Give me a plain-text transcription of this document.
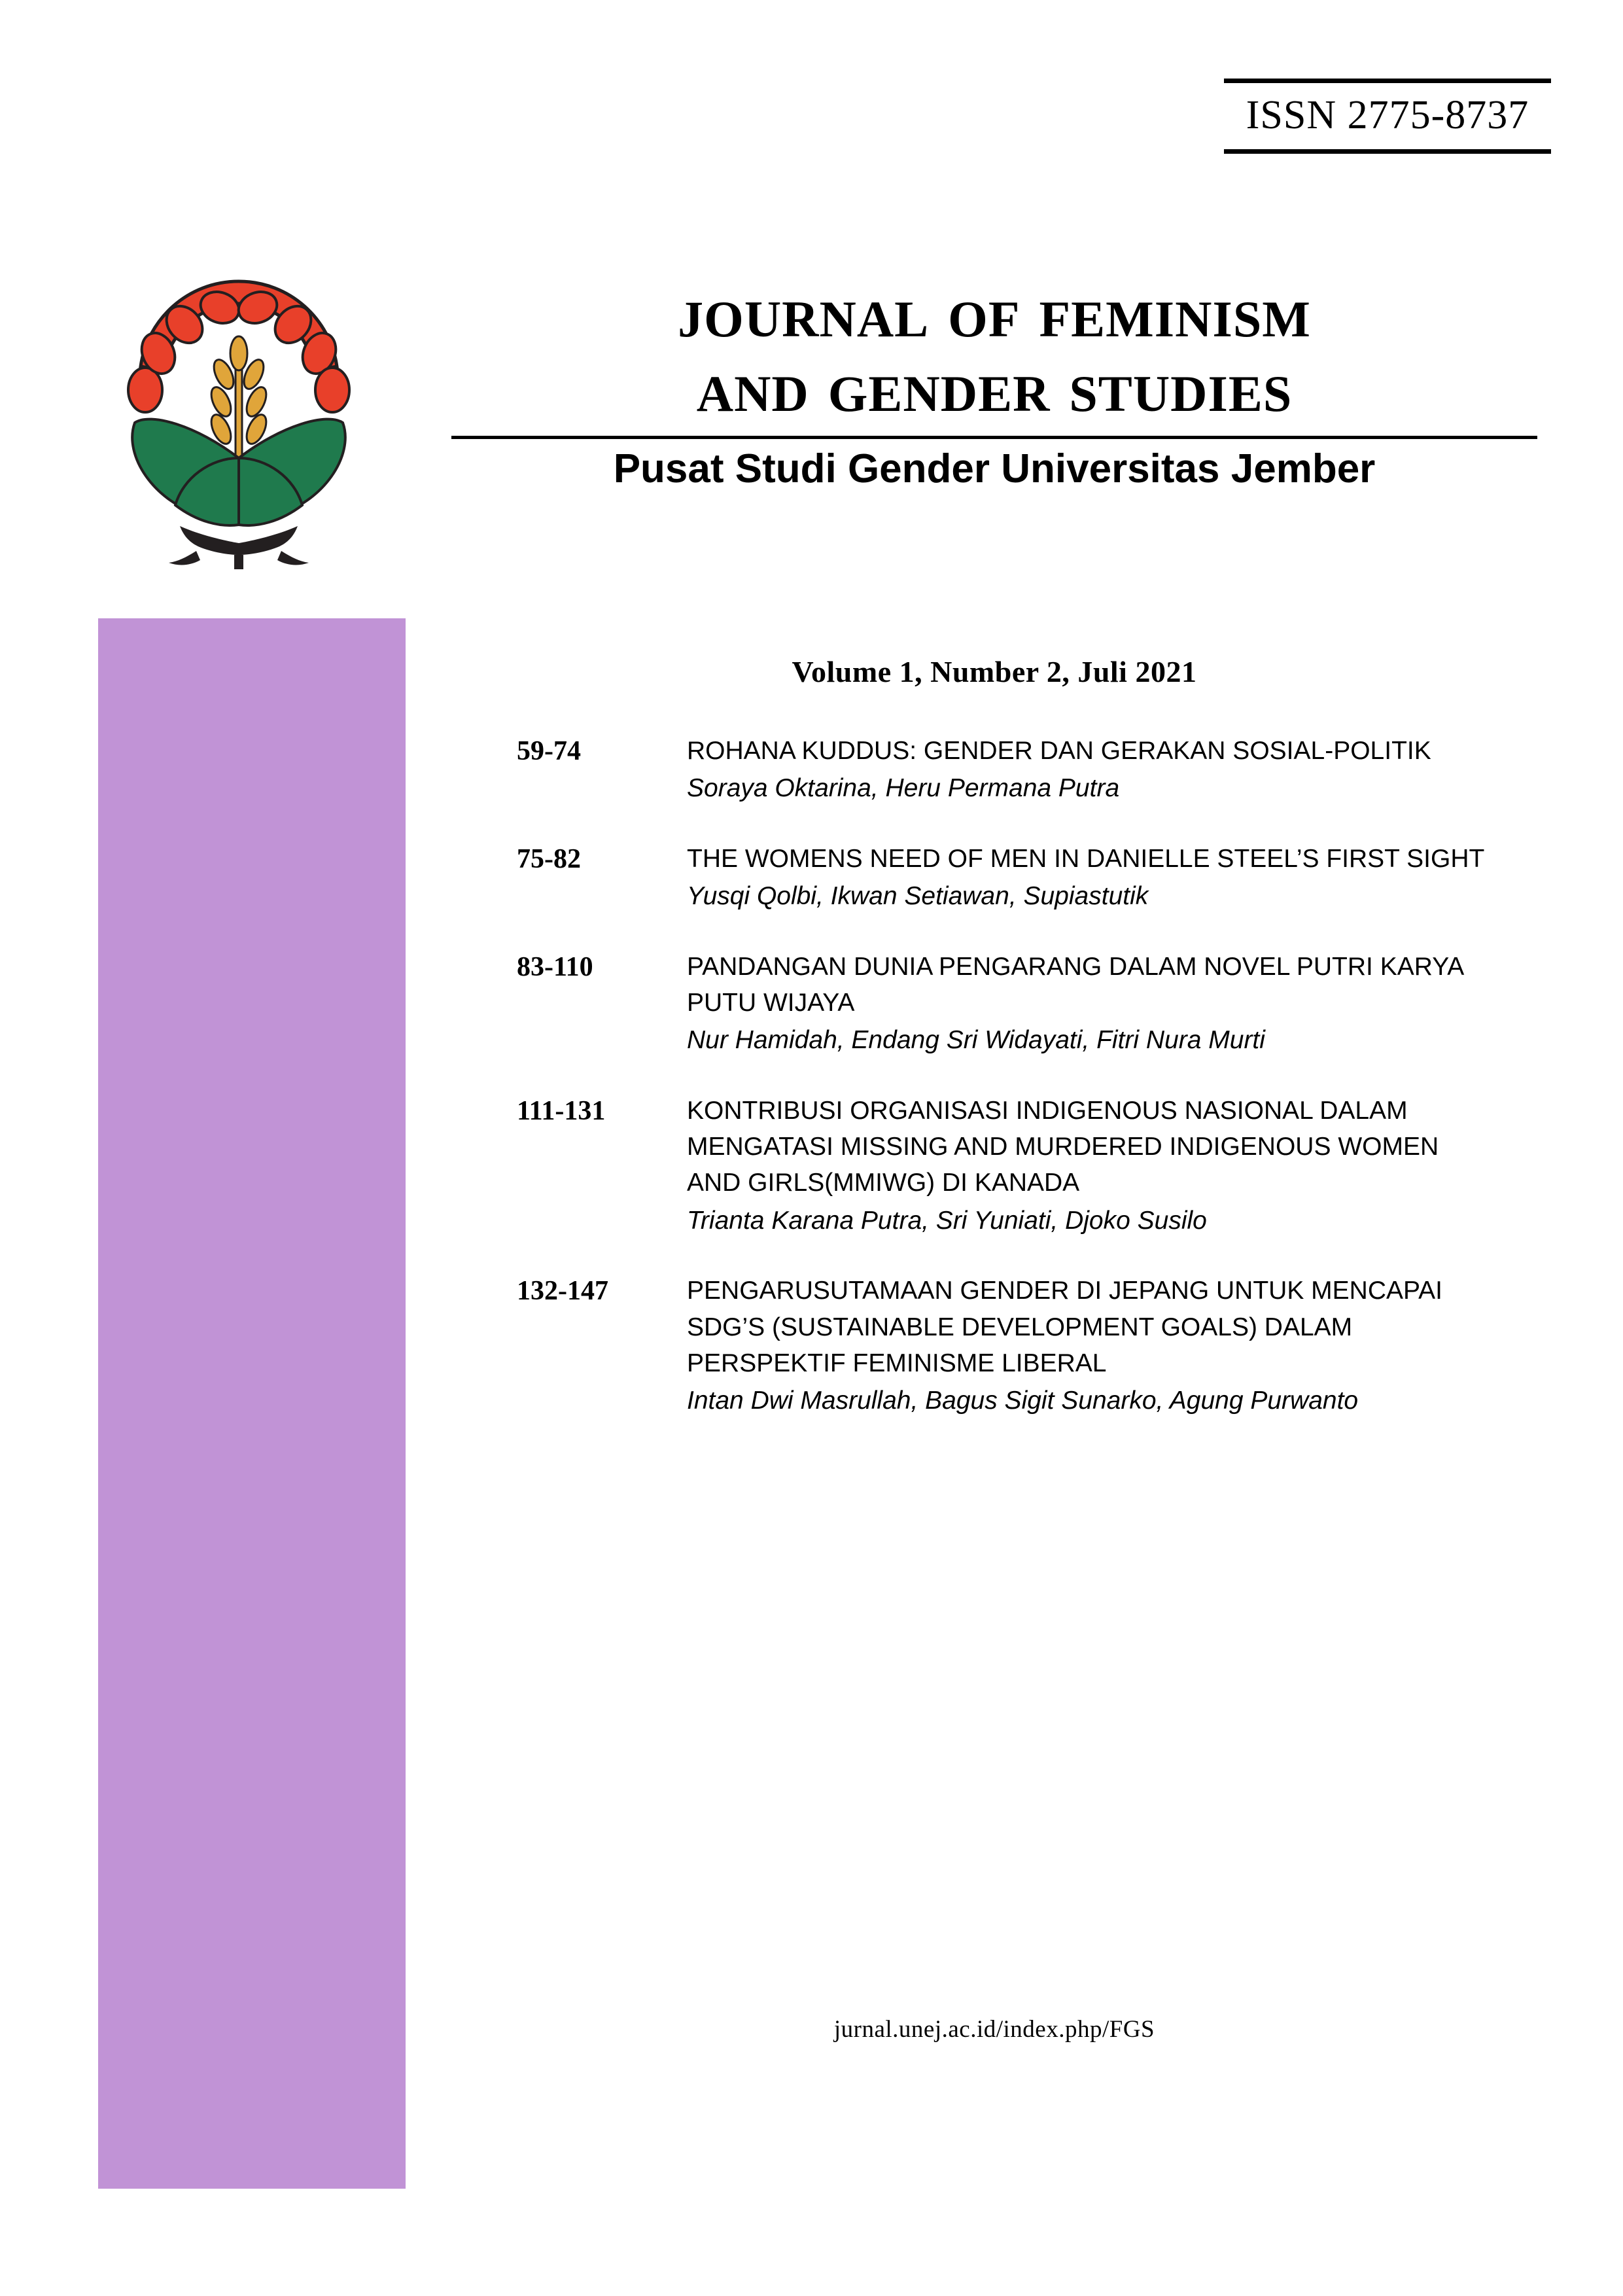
ISSN 2775-8737
journal of feminism
and gender studies
Pusat Studi Gender Universitas Jember
Volume 1, Number 2, Juli 2021
59-74	ROHANA KUDDUS: GENDER DAN GERAKAN SOSIAL-POLITIK
Soraya Oktarina, Heru Permana Putra
75-82	THE WOMENS NEED OF MEN IN DANIELLE STEEL’S FIRST SIGHT
Yusqi Qolbi, Ikwan Setiawan, Supiastutik
83-110	PANDANGAN DUNIA PENGARANG DALAM NOVEL PUTRI KARYA PUTU WIJAYA
Nur Hamidah, Endang Sri Widayati, Fitri Nura Murti
111-131	KONTRIBUSI ORGANISASI INDIGENOUS NASIONAL DALAM MENGATASI MISSING AND MURDERED INDIGENOUS WOMEN AND GIRLS(MMIWG) DI KANADA
Trianta Karana Putra, Sri Yuniati, Djoko Susilo
132-147	PENGARUSUTAMAAN GENDER DI JEPANG UNTUK MENCAPAI SDG’S (SUSTAINABLE DEVELOPMENT GOALS) DALAM PERSPEKTIF FEMINISME LIBERAL
Intan Dwi Masrullah, Bagus Sigit Sunarko, Agung Purwanto
jurnal.unej.ac.id/index.php/FGS
